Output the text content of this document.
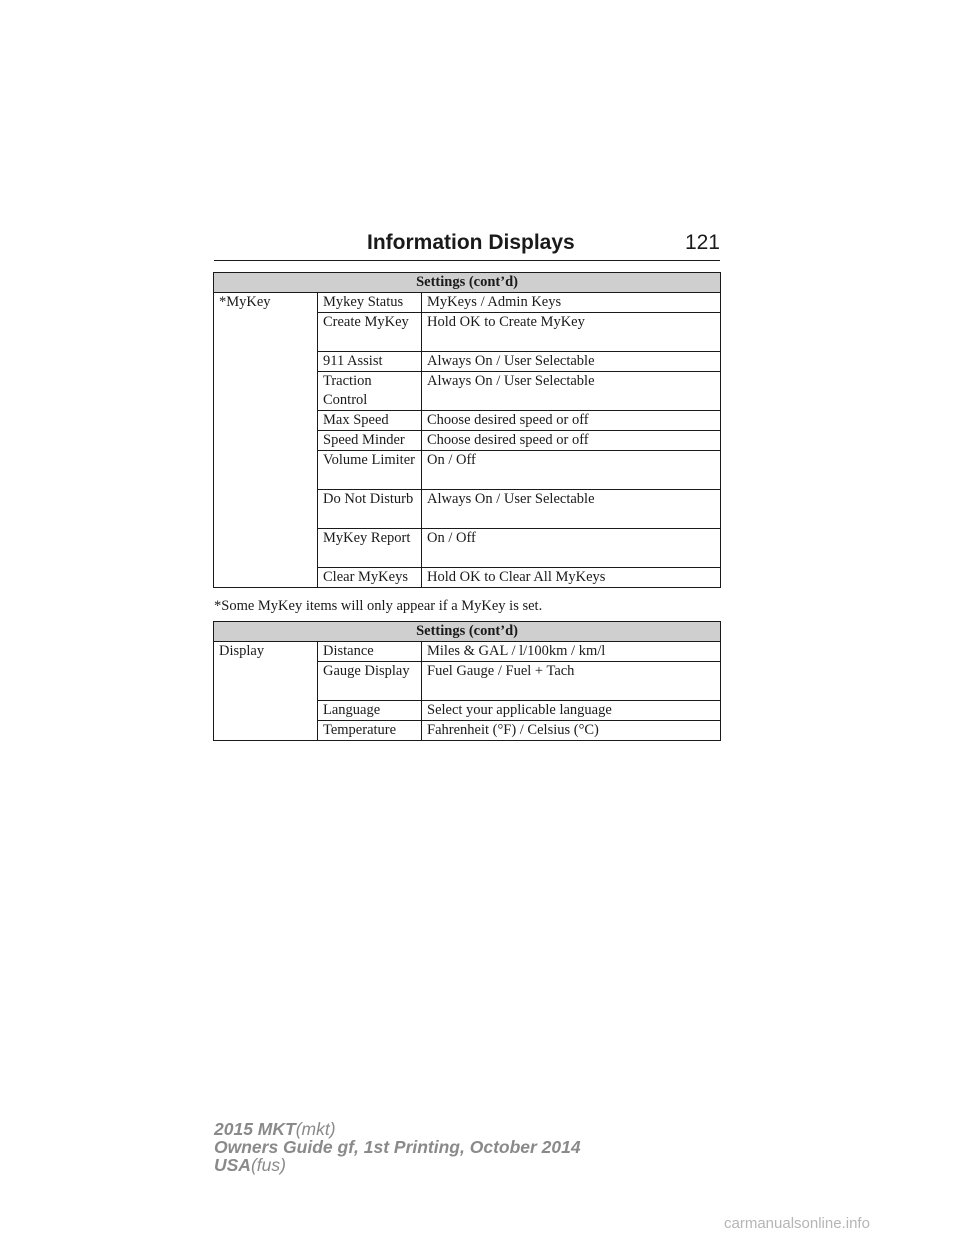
Information Displays	121
Settings (cont’d)		
*MyKey	Mykey Status	MyKeys / Admin Keys
	Create MyKey	Hold OK to Create MyKey
	911 Assist	Always On / User Selectable
	Traction Control	Always On / User Selectable
	Max Speed	Choose desired speed or off
	Speed Minder	Choose desired speed or off
	Volume Limiter	On / Off
	Do Not Disturb	Always On / User Selectable
	MyKey Report	On / Off
	Clear MyKeys	Hold OK to Clear All MyKeys
*Some MyKey items will only appear if a MyKey is set.
Settings (cont’d)		
Display	Distance	Miles & GAL / l/100km / km/l
	Gauge Display	Fuel Gauge / Fuel + Tach
	Language	Select your applicable language
	Temperature	Fahrenheit (°F) / Celsius (°C)
2015 MKT(mkt)
Owners Guide gf, 1st Printing, October 2014
USA(fus)
carmanualsonline.info
